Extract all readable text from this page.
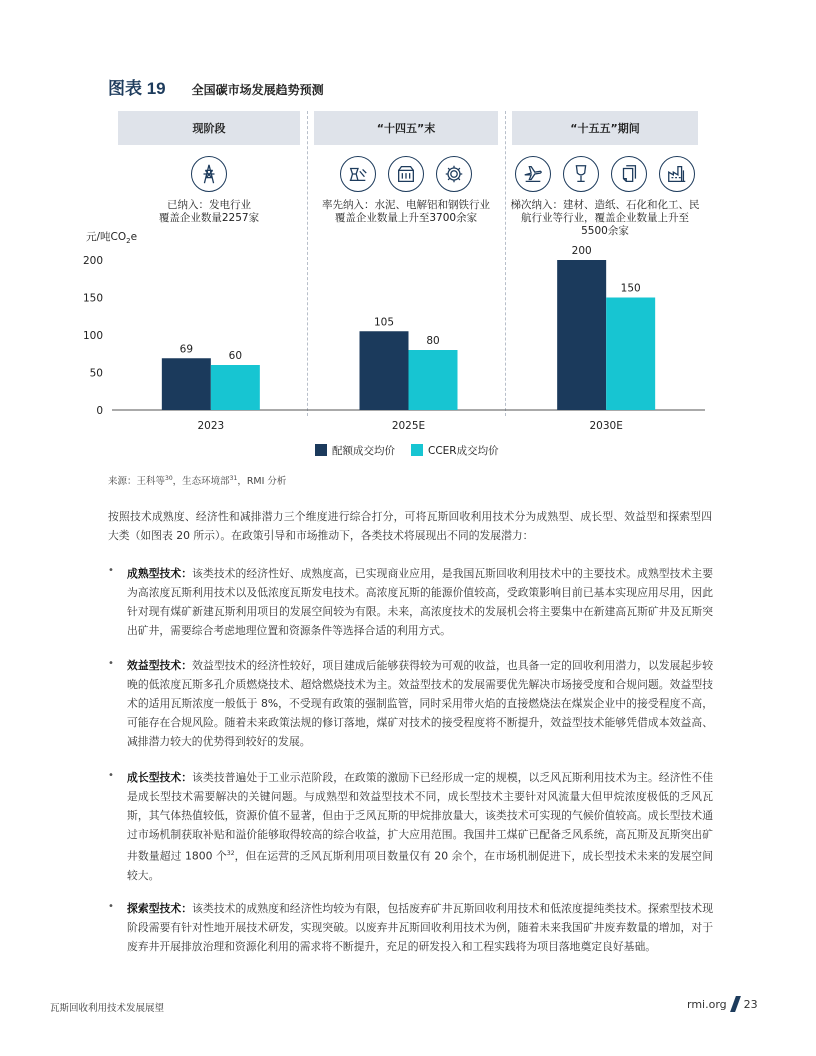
图表 19 全国碳市场发展趋势预测
现阶段	“十四五”末	“十五五”期间
已纳入：发电行业
覆盖企业数量2257家
率先纳入：水泥、电解铝和钢铁行业
覆盖企业数量上升至3700余家
梯次纳入：建材、造纸、石化和化工、民
航行业等行业，覆盖企业数量上升至
5500余家
元/吨$CO_2e$
0
50
100
150
200
69
60
2023
105
80
2025E
200
150
2030E
配额成交均价	CCER成交均价
来源：王科等$^{30}$，生态环境部$^{31}$，RMI 分析
按照技术成熟度、经济性和减排潜力三个维度进行综合打分，可将瓦斯回收利用技术分为成熟型、成长型、效益型和探索型四大类（如图表 20 所示）。在政策引导和市场推动下，各类技术将展现出不同的发展潜力：
• 成熟型技术：该类技术的经济性好、成熟度高，已实现商业应用，是我国瓦斯回收利用技术中的主要技术。成熟型技术主要为高浓度瓦斯利用技术以及低浓度瓦斯发电技术。高浓度瓦斯的能源价值较高，受政策影响目前已基本实现应用尽用，因此针对现有煤矿新建瓦斯利用项目的发展空间较为有限。未来，高浓度技术的发展机会将主要集中在新建高瓦斯矿井及瓦斯突出矿井，需要综合考虑地理位置和资源条件等选择合适的利用方式。
• 效益型技术：效益型技术的经济性较好，项目建成后能够获得较为可观的收益，也具备一定的回收利用潜力，以发展起步较晚的低浓度瓦斯多孔介质燃烧技术、超焓燃烧技术为主。效益型技术的发展需要优先解决市场接受度和合规问题。效益型技术的适用瓦斯浓度一般低于 8%，不受现有政策的强制监管，同时采用带火焰的直接燃烧法在煤炭企业中的接受程度不高，可能存在合规风险。随着未来政策法规的修订落地，煤矿对技术的接受程度将不断提升，效益型技术能够凭借成本效益高、减排潜力较大的优势得到较好的发展。
• 成长型技术：该类技普遍处于工业示范阶段，在政策的激励下已经形成一定的规模，以乏风瓦斯利用技术为主。经济性不佳是成长型技术需要解决的关键问题。与成熟型和效益型技术不同，成长型技术主要针对风流量大但甲烷浓度极低的乏风瓦斯，其气体热值较低，资源价值不显著，但由于乏风瓦斯的甲烷排放量大，该类技术可实现的气候价值较高。成长型技术通过市场机制获取补贴和溢价能够取得较高的综合收益，扩大应用范围。我国井工煤矿已配备乏风系统，高瓦斯及瓦斯突出矿井数量超过 1800 个$^{32}$，但在运营的乏风瓦斯利用项目数量仅有 20 余个，在市场机制促进下，成长型技术未来的发展空间较大。
• 探索型技术：该类技术的成熟度和经济性均较为有限，包括废弃矿井瓦斯回收利用技术和低浓度提纯类技术。探索型技术现阶段需要有针对性地开展技术研发，实现突破。以废弃井瓦斯回收利用技术为例，随着未来我国矿井废弃数量的增加，对于废弃井开展排放治理和资源化利用的需求将不断提升，充足的研发投入和工程实践将为项目落地奠定良好基础。
瓦斯回收利用技术发展展望	rmi.org 23
